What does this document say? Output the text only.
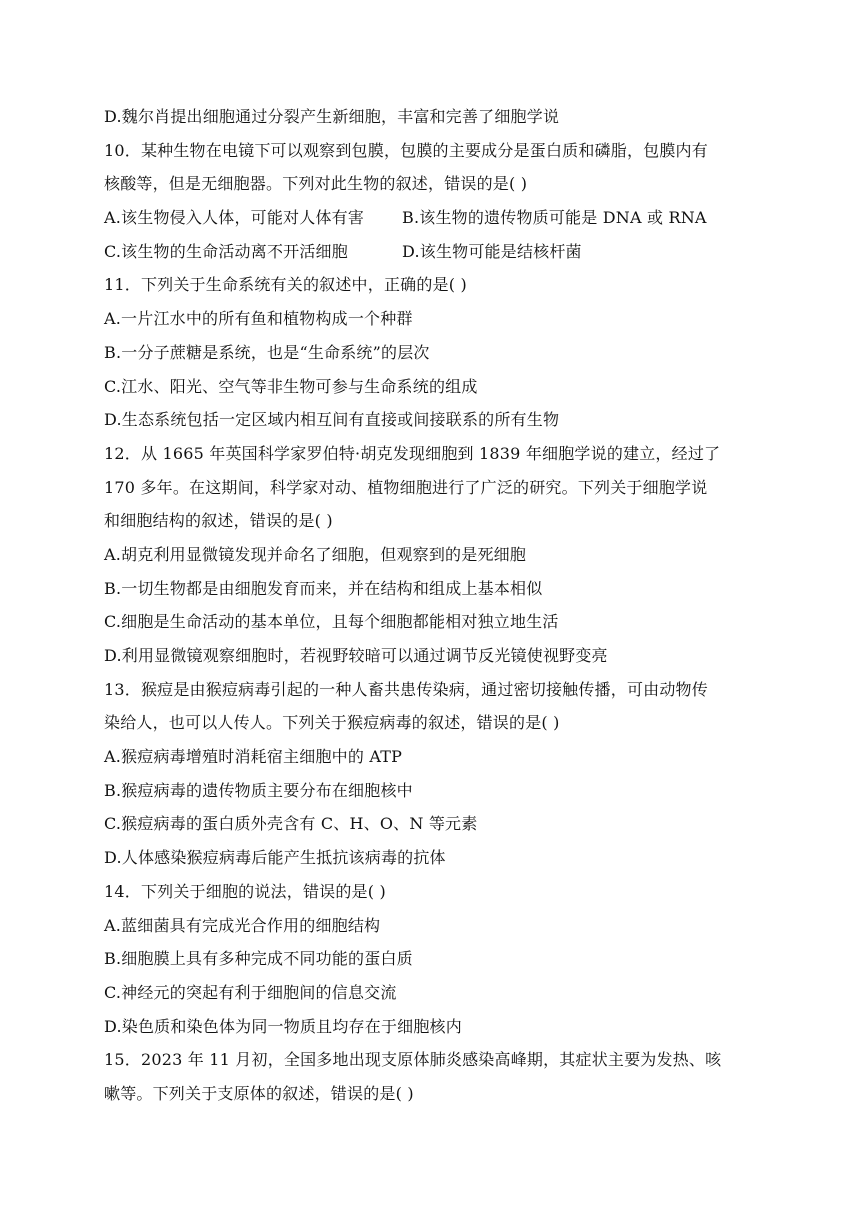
D.魏尔肖提出细胞通过分裂产生新细胞，丰富和完善了细胞学说
10．某种生物在电镜下可以观察到包膜，包膜的主要成分是蛋白质和磷脂，包膜内有
核酸等，但是无细胞器。下列对此生物的叙述，错误的是( )
A.该生物侵入人体，可能对人体有害	B.该生物的遗传物质可能是 DNA 或 RNA
C.该生物的生命活动离不开活细胞	D.该生物可能是结核杆菌
11．下列关于生命系统有关的叙述中，正确的是( )
A.一片江水中的所有鱼和植物构成一个种群
B.一分子蔗糖是系统，也是“生命系统”的层次
C.江水、阳光、空气等非生物可参与生命系统的组成
D.生态系统包括一定区域内相互间有直接或间接联系的所有生物
12．从 1665 年英国科学家罗伯特·胡克发现细胞到 1839 年细胞学说的建立，经过了
170 多年。在这期间，科学家对动、植物细胞进行了广泛的研究。下列关于细胞学说
和细胞结构的叙述，错误的是( )
A.胡克利用显微镜发现并命名了细胞，但观察到的是死细胞
B.一切生物都是由细胞发育而来，并在结构和组成上基本相似
C.细胞是生命活动的基本单位，且每个细胞都能相对独立地生活
D.利用显微镜观察细胞时，若视野较暗可以通过调节反光镜使视野变亮
13．猴痘是由猴痘病毒引起的一种人畜共患传染病，通过密切接触传播，可由动物传
染给人，也可以人传人。下列关于猴痘病毒的叙述，错误的是( )
A.猴痘病毒增殖时消耗宿主细胞中的 ATP
B.猴痘病毒的遗传物质主要分布在细胞核中
C.猴痘病毒的蛋白质外壳含有 C、H、O、N 等元素
D.人体感染猴痘病毒后能产生抵抗该病毒的抗体
14．下列关于细胞的说法，错误的是( )
A.蓝细菌具有完成光合作用的细胞结构
B.细胞膜上具有多种完成不同功能的蛋白质
C.神经元的突起有利于细胞间的信息交流
D.染色质和染色体为同一物质且均存在于细胞核内
15．2023 年 11 月初，全国多地出现支原体肺炎感染高峰期，其症状主要为发热、咳
嗽等。下列关于支原体的叙述，错误的是( )
